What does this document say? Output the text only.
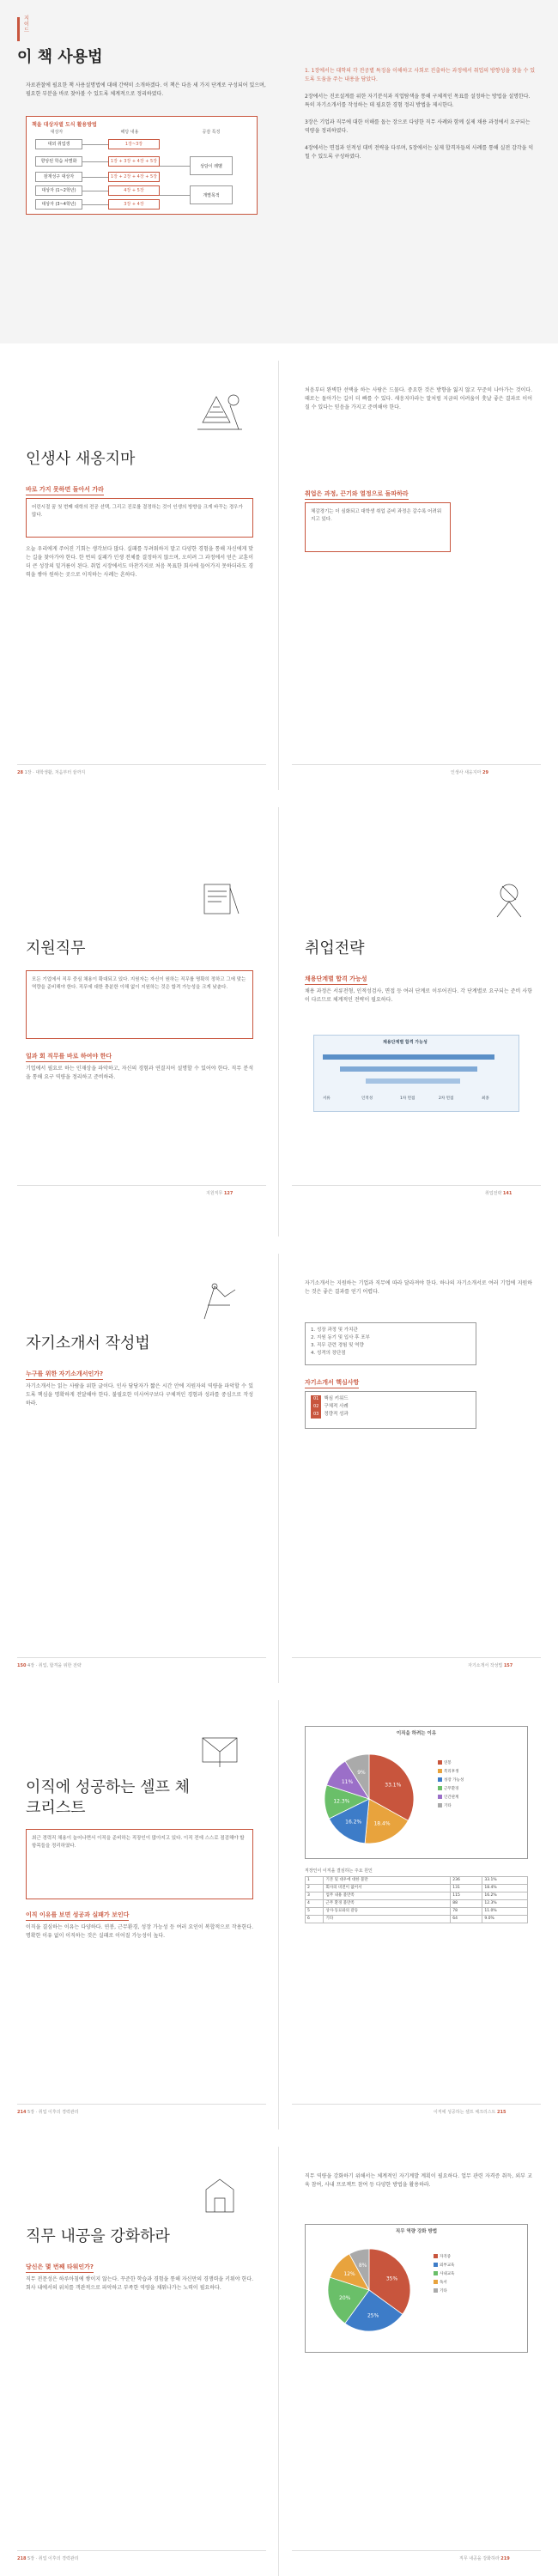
지
이
드
이 책 사용법
자료관찰에 필요한 책 사용설명법에 대해 간략히 소개하겠다. 이 책은 다음 세 가지 단계로 구성되어 있으며, 필요한 부분을 바로 찾아볼 수 있도록 체계적으로 정리하였다.
책을 대상자별 도식 활용방법
대상자	해당 내용	공감 특징
대외 취업생
향상된 학습 차별화
잠재성구 대상자
대상자 (1~2학년)
대상자 (3~4학년)
1장~3장
1장 + 3장 + 4장 + 5장
1장 + 2장 + 4장 + 5장
4장 + 5장
3장 + 4장
상담이 레벨
개별목적

1. 1장에서는 대학의 각 전공별 특징을 이해하고 사회로 진출하는 과정에서 취업의 방향성을 찾을 수 있도록 도움을 주는 내용을 담았다.

2장에서는 진로설계를 위한 자기분석과 직업탐색을 통해 구체적인 목표를 설정하는 방법을 설명한다. 특히 자기소개서를 작성하는 데 필요한 경험 정리 방법을 제시한다.

3장은 기업과 직무에 대한 이해를 돕는 장으로 다양한 직무 사례와 함께 실제 채용 과정에서 요구되는 역량을 정리하였다.

4장에서는 면접과 인적성 대비 전략을 다루며, 5장에서는 실제 합격자들의 사례를 통해 실전 감각을 익힐 수 있도록 구성하였다.

인생사 새옹지마
바로 가지 못하면 돌아서 가라
어린시절 꿈 첫 번째 대학의 전공 선택, 그리고 진로를 결정하는 것이 인생의 방향을 크게 바꾸는 경우가 많다.
오늘 우리에게 주어진 기회는 생각보다 많다. 실패를 두려워하지 말고 다양한 경험을 통해 자신에게 맞는 길을 찾아가야 한다. 한 번의 실패가 인생 전체를 결정하지 않으며, 오히려 그 과정에서 얻은 교훈이 더 큰 성장의 밑거름이 된다. 취업 시장에서도 마찬가지로 처음 목표한 회사에 들어가지 못하더라도 경력을 쌓아 원하는 곳으로 이직하는 사례는 흔하다.
28 1장 · 대학생활, 처음부터 끝까지
처음부터 완벽한 선택을 하는 사람은 드물다. 중요한 것은 방향을 잃지 않고 꾸준히 나아가는 것이다. 때로는 돌아가는 길이 더 빠를 수 있다. 새옹지마라는 말처럼 지금의 어려움이 훗날 좋은 결과로 이어질 수 있다는 믿음을 가지고 준비해야 한다.
취업은 과정, 끈기와 열정으로 돌파하라
체감경기는 더 심화되고 대학생 취업 준비 과정은 갈수록 어려워지고 있다.
인생사 새옹지마 29
지원직무
모든 기업에서 직무 중심 채용이 확대되고 있다. 지원자는 자신이 원하는 직무를 명확히 정하고 그에 맞는 역량을 준비해야 한다. 직무에 대한 충분한 이해 없이 지원하는 것은 합격 가능성을 크게 낮춘다.
일과 회 직무를 바로 하여야 한다
기업에서 필요로 하는 인재상을 파악하고, 자신의 경험과 연결지어 설명할 수 있어야 한다. 직무 분석을 통해 요구 역량을 정리하고 준비하라.
지원직무 127
취업전략
채용단계별 합격 가능성
채용 과정은 서류전형, 인적성검사, 면접 등 여러 단계로 이루어진다. 각 단계별로 요구되는 준비 사항이 다르므로 체계적인 전략이 필요하다.
채용단계별 합격 가능성
서류	인적성	1차 면접	2차 면접	최종
취업전략 141
자기소개서 작성법
누구를 위한 자기소개서인가?
자기소개서는 읽는 사람을 위한 글이다. 인사 담당자가 짧은 시간 안에 지원자의 역량을 파악할 수 있도록 핵심을 명확하게 전달해야 한다. 불필요한 미사여구보다 구체적인 경험과 성과를 중심으로 작성하라.
150 4장 · 취업, 합격을 위한 전략
자기소개서는 지원하는 기업과 직무에 따라 달라져야 한다. 하나의 자기소개서로 여러 기업에 지원하는 것은 좋은 결과를 얻기 어렵다.
1. 성장 과정 및 가치관
2. 지원 동기 및 입사 후 포부
3. 직무 관련 경험 및 역량
4. 성격의 장단점
자기소개서 핵심사항
01 핵심 키워드
02 구체적 사례
03 정량적 성과
자기소개서 작성법 157
이직에 성공하는 셀프 체크리스트
최근 경력직 채용이 늘어나면서 이직을 준비하는 직장인이 많아지고 있다. 이직 전에 스스로 점검해야 할 항목들을 정리하였다.
이직 이유를 보면 성공과 실패가 보인다
이직을 결심하는 이유는 다양하다. 연봉, 근무환경, 성장 가능성 등 여러 요인이 복합적으로 작용한다. 명확한 이유 없이 이직하는 것은 실패로 이어질 가능성이 높다.
214 5장 · 취업 이후의 경력관리
이직을 하려는 이유
33.1%
18.4%
16.2%
12.3%
11%
9%
연봉
복리후생
성장 가능성
근무환경
인간관계
기타
직장인이 이직을 결심하는 주요 원인
1	기본 및 대우에 대한 불만	236	33.1%
2	회사의 비전이 없어서	131	18.4%
3	업무 내용 불만족	115	16.2%
4	근무 환경 불만족	88	12.3%
5	상사·동료와의 갈등	78	11.0%
6	기타	64	9.0%
이직에 성공하는 셀프 체크리스트 215
직무 내공을 강화하라
당신은 몇 번째 타워인가?
직무 전문성은 하루아침에 쌓이지 않는다. 꾸준한 학습과 경험을 통해 자신만의 경쟁력을 키워야 한다. 회사 내에서의 위치를 객관적으로 파악하고 부족한 역량을 채워나가는 노력이 필요하다.
218 5장 · 취업 이후의 경력관리
직무 역량을 강화하기 위해서는 체계적인 자기계발 계획이 필요하다. 업무 관련 자격증 취득, 외부 교육 참여, 사내 프로젝트 참여 등 다양한 방법을 활용하라.
직무 역량 강화 방법
35%
25%
20%
12%
8%
자격증
외부교육
사내교육
독서
기타
직무 내공을 강화하라 219
